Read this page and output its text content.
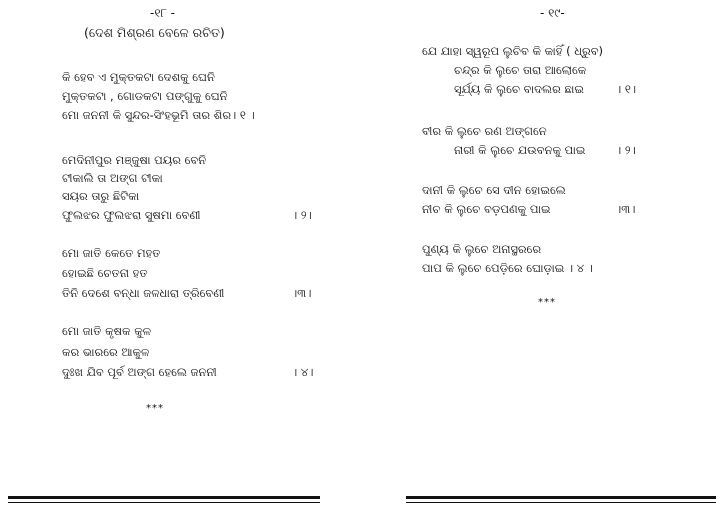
-୧୮ -
(ଦେଶ ମିଶ୍ରଣ ବେଳେ ରଚିତ)
କି ହେବ ଏ ମୁକ୍ତକଟା ଦେଶକୁ ଘେନି
ମୁକ୍ତକଟା , ଗୋଡକଟା ପଙ୍ଗୁକୁ ଘେନି
ମୋ ଜନନୀ କି ସୁନ୍ଦର-ସିଂହଭୂମି ତାର ଶିର। ୧ ।
ମେଦିନୀପୁର ମଞ୍ଜୁଷା ପୟର ବେନି
ଟୀକାଲି ତା ଅଙ୍ଗ ଟୀକା
ସୟର ତାରୁ ଛିଟିକା
ଫୁଲଝର ଫୁଲଝରା ସୁଷମା ବେଣୀ	। ୨।
ମୋ ଜାତି କେତେ ମହତ
ହୋଇଛି ଚେତନା ହତ
ତିନି ଦେଶେ ବନ୍ଧା ଜଳଧାରା ତ୍ରିବେଣୀ	।୩।
ମୋ ଜାତି କୃଷକ କୁଳ
କର ଭାରରେ ଆକୁଳ
ଦୁଃଖ ଯିବ ପୂର୍ବ ଅଙ୍ଗ ହେଲେ ଜନନୀ	। ୪।
***
- ୧୯-
ଯେ ଯାହା ସ୍ୱରୂପ ଲୁଚିବ କି କାହିଁ ( ଧ୍ରୁବ)
ଚନ୍ଦ୍ର କି ଲୁଚେ ତାରା ଆଲୋକେ
ସୂର୍ଯ୍ୟ କି ଲୁଚେ ବାଦଲର ଛାଇ	। ୧।
ବୀର କି ଲୁଚେ ରଣ ଅଙ୍ଗନେ
ନାରୀ କି ଲୁଚେ ଯଉବନକୁ ପାଇ	। ୨।
ଦାନୀ କି ଲୁଚେ ସେ ଦୀନ ହୋଇଲେ
ନୀଚ କି ଲୁଚେ ବଡ଼ପଣକୁ ପାଇ	।୩।
ପୁଣ୍ୟ କି ଲୁଚେ ଅନାସ୍ଥରରେ
ପାପ କି ଲୁଚେ ପେଡ଼ିରେ ଘୋଡ଼ାଇ । ୪ ।
***
